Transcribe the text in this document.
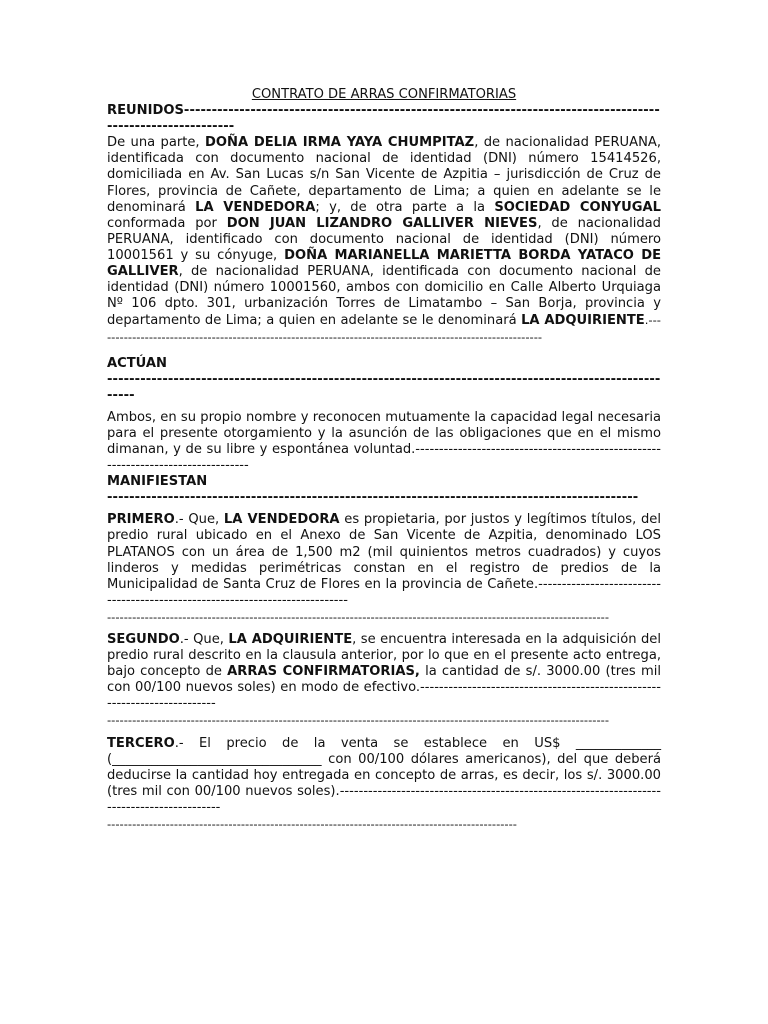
CONTRATO DE ARRAS CONFIRMATORIAS

REUNIDOS-------------------------------------------------------------------------------------------------------------

De una parte, DOÑA DELIA IRMA YAYA CHUMPITAZ, de nacionalidad PERUANA, identificada con documento nacional de identidad (DNI) número 15414526, domiciliada en Av. San Lucas s/n San Vicente de Azpitia – jurisdicción de Cruz de Flores, provincia de Cañete, departamento de Lima; a quien en adelante se le denominará LA VENDEDORA; y, de otra parte a la SOCIEDAD CONYUGAL conformada por DON JUAN LIZANDRO GALLIVER NIEVES, de nacionalidad PERUANA, identificado con documento nacional de identidad (DNI) número 10001561 y su cónyuge, DOÑA MARIANELLA MARIETTA BORDA YATACO DE GALLIVER, de nacionalidad PERUANA, identificada con documento nacional de identidad (DNI) número 10001560, ambos con domicilio en Calle Alberto Urquiaga Nº 106 dpto. 301, urbanización Torres de Limatambo – San Borja, provincia y departamento de Lima; a quien en adelante se le denominará LA ADQUIRIENTE.-----------------------------------------------------------------------------------------------------------

ACTÚAN

---------------------------------------------------------------------------------------------------------

Ambos, en su propio nombre y reconocen mutuamente la capacidad legal necesaria para el presente otorgamiento y la asunción de las obligaciones que en el mismo dimanan, y de su libre y espontánea voluntad.----------------------------------------------------------------------------------

MANIFIESTAN

------------------------------------------------------------------------------------------------

PRIMERO.- Que, LA VENDEDORA es propietaria, por justos y legítimos títulos, del predio rural ubicado en el Anexo de San Vicente de Azpitia, denominado LOS PLATANOS con un área de 1,500 m2 (mil quinientos metros cuadrados) y cuyos linderos y medidas perimétricas constan en el registro de predios de la Municipalidad de Santa Cruz de Flores en la provincia de Cañete.-----------------------------------------------------------------------------

------------------------------------------------------------------------------------------------------------------------

SEGUNDO.- Que, LA ADQUIRIENTE, se encuentra interesada en la adquisición del predio rural descrito en la clausula anterior, por lo que en el presente acto entrega, bajo concepto de ARRAS CONFIRMATORIAS, la cantidad de s/. 3000.00 (tres mil con 00/100 nuevos soles) en modo de efectivo.--------------------------------------------------------------------------

------------------------------------------------------------------------------------------------------------------------

TERCERO.- El precio de la venta se establece en US$ _____________ (________________________________ con 00/100 dólares americanos), del que deberá deducirse la cantidad hoy entregada en concepto de arras, es decir, los s/. 3000.00 (tres mil con 00/100 nuevos soles).--------------------------------------------------------------------------------------------

--------------------------------------------------------------------------------------------------
